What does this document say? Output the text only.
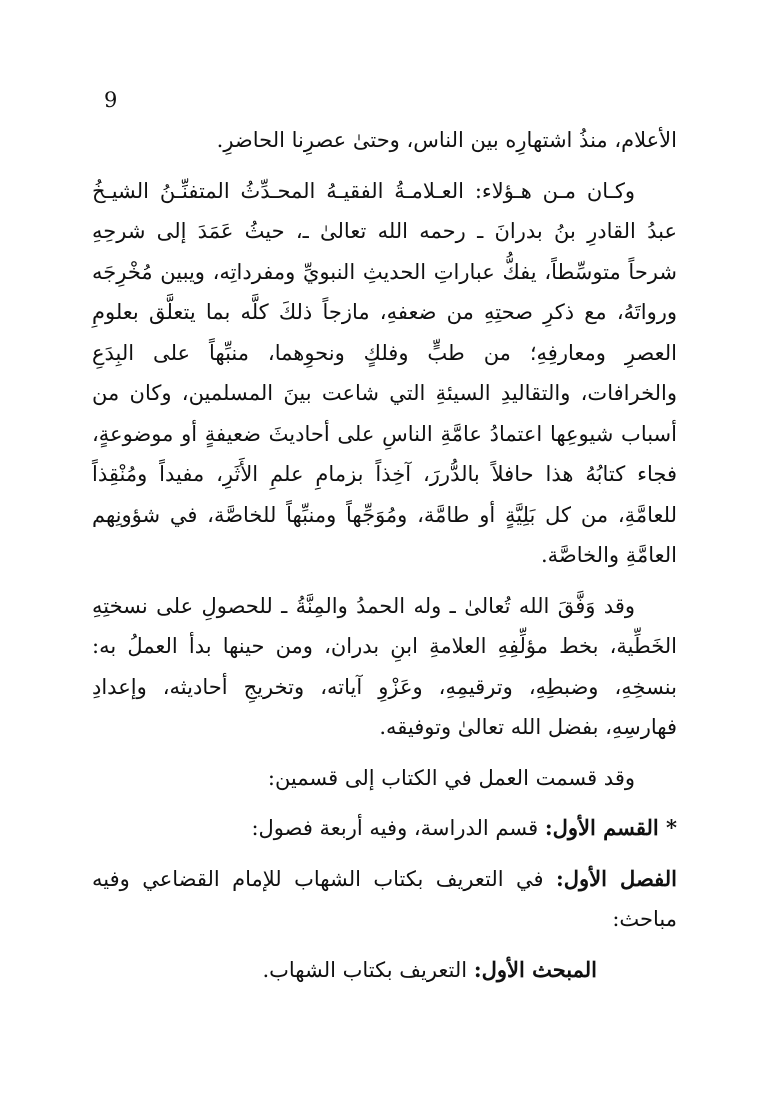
9

الأعلام، منذُ اشتهارِه بين الناس، وحتىٰ عصرِنا الحاضرِ.

وكـان مـن هـؤلاء: العـلامـةُ الفقيـهُ المحـدِّثُ المتفنِّـنُ الشيـخُ عبدُ القادرِ بنُ بدرانَ ـ رحمه الله تعالىٰ ـ، حيثُ عَمَدَ إلى شرحِهِ شرحاً متوسِّطاً، يفكُّ عباراتِ الحديثِ النبويِّ ومفرداتِه، ويبين مُخْرِجَه ورواتَهُ، مع ذكرِ صحتِهِ من ضعفهِ، مازجاً ذلكَ كلَّه بما يتعلَّق بعلومِ العصرِ ومعارفِهِ؛ من طبٍّ وفلكٍ ونحوِهما، منبِّهاً على البِدَعِ والخرافات، والتقاليدِ السيئةِ التي شاعت بينَ المسلمين، وكان من أسباب شيوعِها اعتمادُ عامَّةِ الناسِ على أحاديثَ ضعيفةٍ أو موضوعةٍ، فجاء كتابُهُ هذا حافلاً بالدُّررَ، آخِذاً بزمامِ علمِ الأَثَرِ، مفيداً ومُنْقِذاً للعامَّةِ، من كل بَلِيَّةٍ أو طامَّة، ومُوَجِّهاً ومنبِّهاً للخاصَّة، في شؤونِهم العامَّةِ والخاصَّة.

وقد وَفَّقَ الله تُعالىٰ ـ وله الحمدُ والمِنَّةُ ـ للحصولِ على نسختِهِ الخَطِّية، بخط مؤلِّفِهِ العلامةِ ابنِ بدران، ومن حينها بدأ العملُ به: بنسخِهِ، وضبطِهِ، وترقيمِهِ، وعَزْوِ آياته، وتخريجِ أحاديثه، وإعدادِ فهارسِهِ، بفضل الله تعالىٰ وتوفيقه.

وقد قسمت العمل في الكتاب إلى قسمين:

* القسم الأول: قسم الدراسة، وفيه أربعة فصول:

الفصل الأول: في التعريف بكتاب الشهاب للإمام القضاعي وفيه مباحث:

المبحث الأول: التعريف بكتاب الشهاب.
